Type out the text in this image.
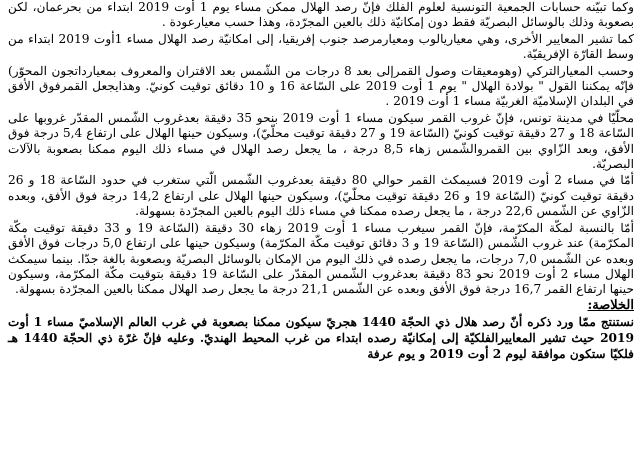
وكما تبيّنه حسابات الجمعية التونسية لعلوم الفلك فإنّ رصد الهلال ممكن مساء يوم 1 أوت 2019 ابتداء من بحرعمان، لكن بصعوبة وذلك بالوسائل البصريّة فقط دون إمكانيّة ذلك بالعين المجرّدة، وهذا حسب معيارعودة .

كما تشير المعايير الأخرى، وهي معياريالوب ومعيارمرصد جنوب إفريقيا، إلى امكانيّة رصد الهلال مساء 1أوت 2019 ابتداء من وسط القارّة الإفريقيّة.

وحسب المعيارالتركي (وهومعيقات وصول القمرإلى بعد 8 درجات من الشّمس بعد الاقتران والمعروف بمعيارداتجون المحوّر) فإنّه يمكننا القول " بولادة الهلال " يوم 1 أوت 2019 على السّاعة 16 و 10 دقائق توقيت كونيّ. وهذايجعل القمرفوق الأفق في البلدان الإسلاميّة الغربيّة مساء 1 أوت 2019 .

محلّيّا في مدينة تونس، فإنّ غروب القمر سيكون مساء 1 أوت 2019 بنحو 35 دقيقة بعدغروب الشّمس المقدّر غروبها على السّاعة 18 و 27 دقيقة توقيت كونيّ (السّاعة 19 و 27 دقيقة توقيت محلّيّ)، وسيكون حينها الهلال على ارتفاع 5,4 درجة فوق الأفق، وبعد الزّاوي بين القمروالشّمس زهاء 8,5 درجة ، ما يجعل رصد الهلال في مساء ذلك اليوم ممكنا بصعوبة بالآلات البصريّة.

أمّا في مساء 2 أوت 2019 فسيمكث القمر حوالي 80 دقيقة بعدغروب الشّمس الّتي ستغرب في حدود السّاعة 18 و 26 دقيقة توقيت كونيّ (السّاعة 19 و 26 دقيقة توقيت محلّيّ)، وسيكون حينها الهلال على ارتفاع 14,2 درجة فوق الأفق، وبعده الزّاوي عن الشّمس 22,6 درجة ، ما يجعل رصده ممكنا في مساء ذلك اليوم بالعين المجرّدة بسهولة.

أمّا بالنسبة لمكّة المكرّمة، فإنّ القمر سيغرب مساء 1 أوت 2019 زهاء 30 دقيقة (السّاعة 19 و 33 دقيقة توقيت مكّة المكرّمة) عند غروب الشّمس (السّاعة 19 و 3 دقائق توقيت مكّة المكرّمة) وسيكون حينها على ارتفاع 5,0 درجات فوق الأفق وبعده عن الشّمس 7,0 درجات، ما يجعل رصده في ذلك اليوم من الإمكان بالوسائل البصريّة وبصعوبة بالغة جدّا. بينما سيمكث الهلال مساء 2 أوت 2019 نحو 83 دقيقة بعدغروب الشّمس المقدّر على السّاعة 19 دقيقة بتوقيت مكّة المكرّمة، وسيكون حينها ارتفاع القمر 16,7 درجة فوق الأفق وبعده عن الشّمس 21,1 درجة ما يجعل رصد الهلال ممكنا بالعين المجرّدة بسهولة.

الخلاصة:

نستنتج ممّا ورد ذكره أنّ رصد هلال ذي الحجّة 1440 هجريّ سيكون ممكنا بصعوبة في غرب العالم الإسلاميّ مساء 1 أوت 2019 حيث تشير المعاييرالفلكيّة إلى إمكانيّة رصده ابتداء من غرب المحيط الهنديّ. وعليه فإنّ غرّة ذي الحجّة 1440 هـ فلكيّا ستكون موافقة ليوم 2 أوت 2019 و يوم عرفة
